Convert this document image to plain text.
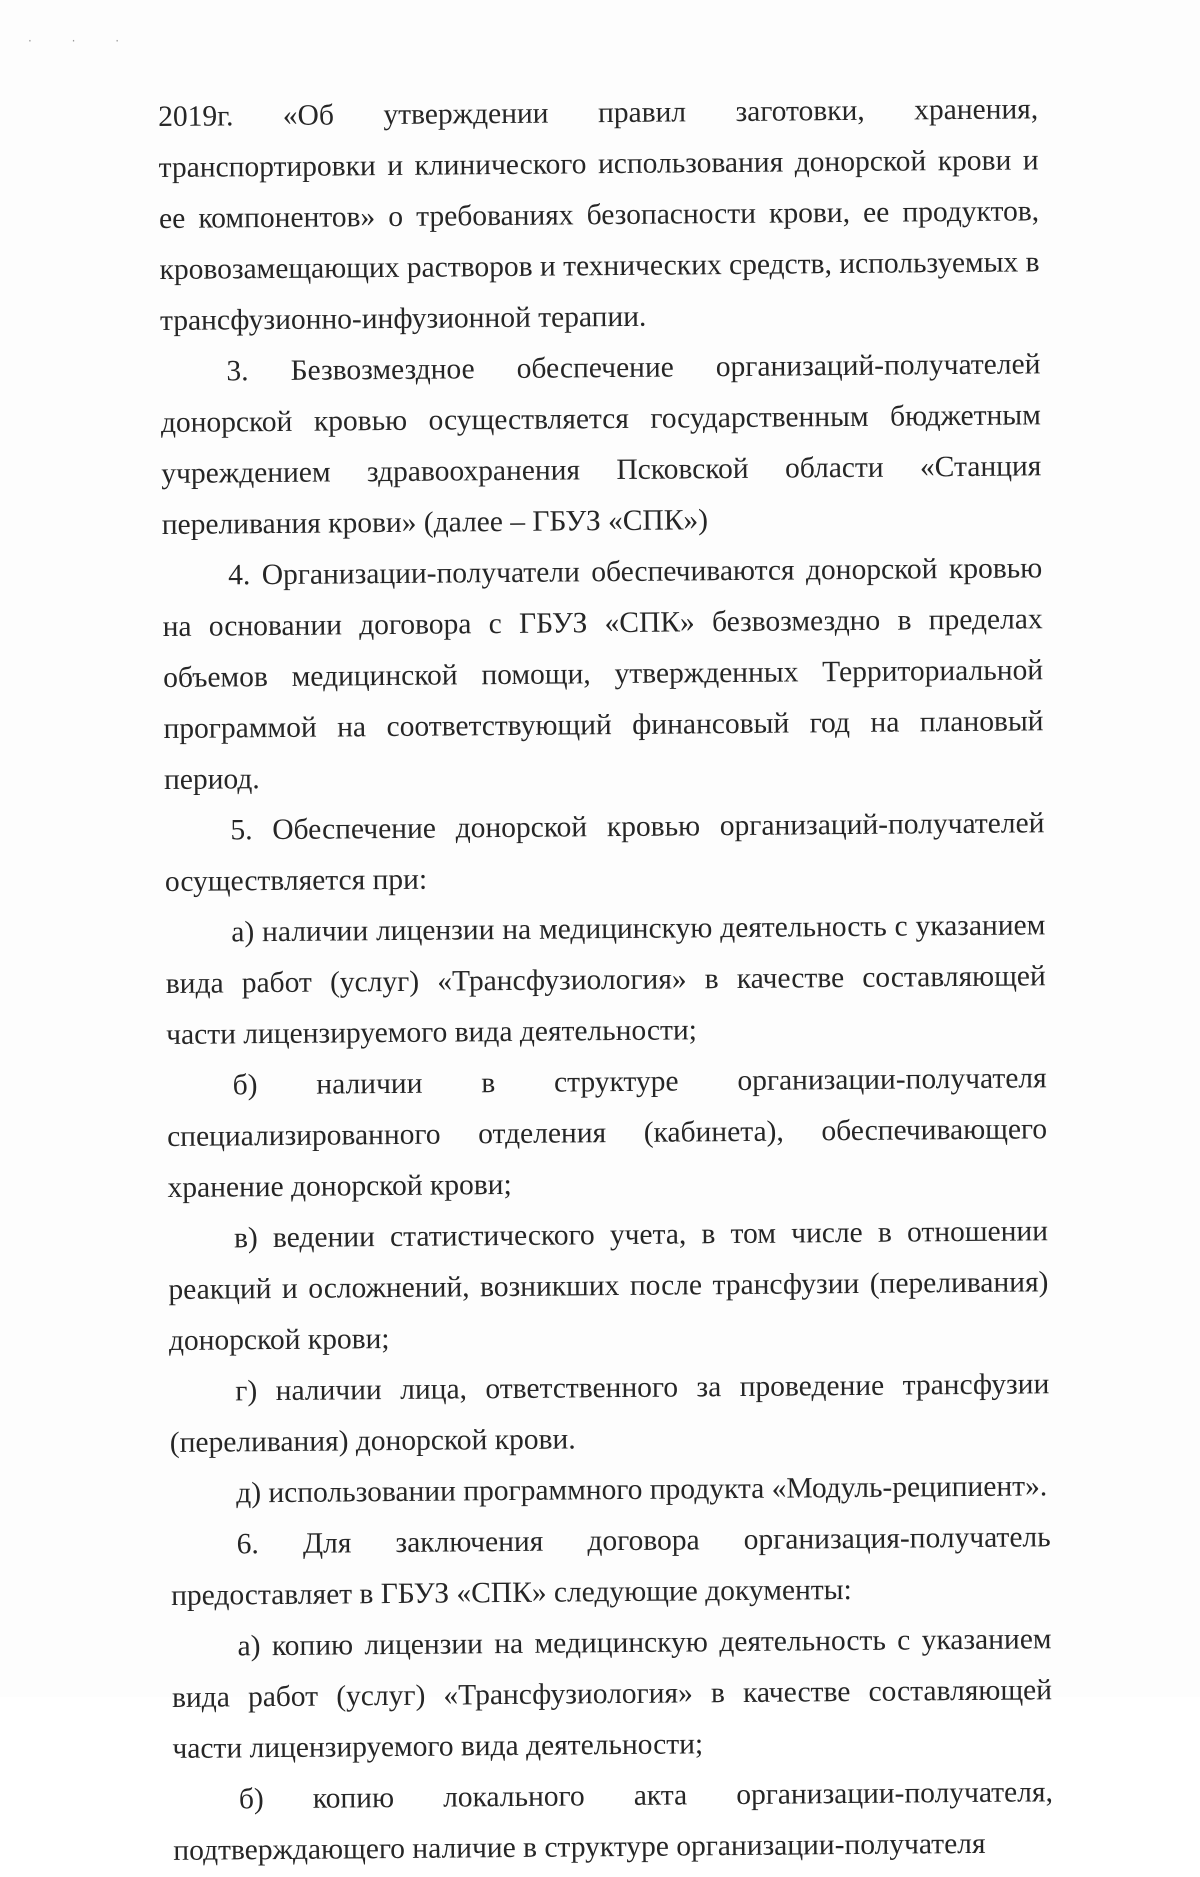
· · ·

2019г. «Об утверждении правил заготовки, хранения, транспортировки и клинического использования донорской крови и ее компонентов» о требованиях безопасности крови, ее продуктов, кровозамещающих растворов и технических средств, используемых в трансфузионно-инфузионной терапии.

3. Безвозмездное обеспечение организаций-получателей донорской кровью осуществляется государственным бюджетным учреждением здравоохранения Псковской области «Станция переливания крови» (далее – ГБУЗ «СПК»)

4. Организации-получатели обеспечиваются донорской кровью на основании договора с ГБУЗ «СПК» безвозмездно в пределах объемов медицинской помощи, утвержденных Территориальной программой на соответствующий финансовый год на плановый период.

5. Обеспечение донорской кровью организаций-получателей осуществляется при:

а) наличии лицензии на медицинскую деятельность с указанием вида работ (услуг) «Трансфузиология» в качестве составляющей части лицензируемого вида деятельности;

б) наличии в структуре организации-получателя специализированного отделения (кабинета), обеспечивающего хранение донорской крови;

в) ведении статистического учета, в том числе в отношении реакций и осложнений, возникших после трансфузии (переливания) донорской крови;

г) наличии лица, ответственного за проведение трансфузии (переливания) донорской крови.

д) использовании программного продукта «Модуль-реципиент».

6. Для заключения договора организация-получатель предоставляет в ГБУЗ «СПК» следующие документы:

а) копию лицензии на медицинскую деятельность с указанием вида работ (услуг) «Трансфузиология» в качестве составляющей части лицензируемого вида деятельности;

б) копию локального акта организации-получателя, подтверждающего наличие в структуре организации-получателя
